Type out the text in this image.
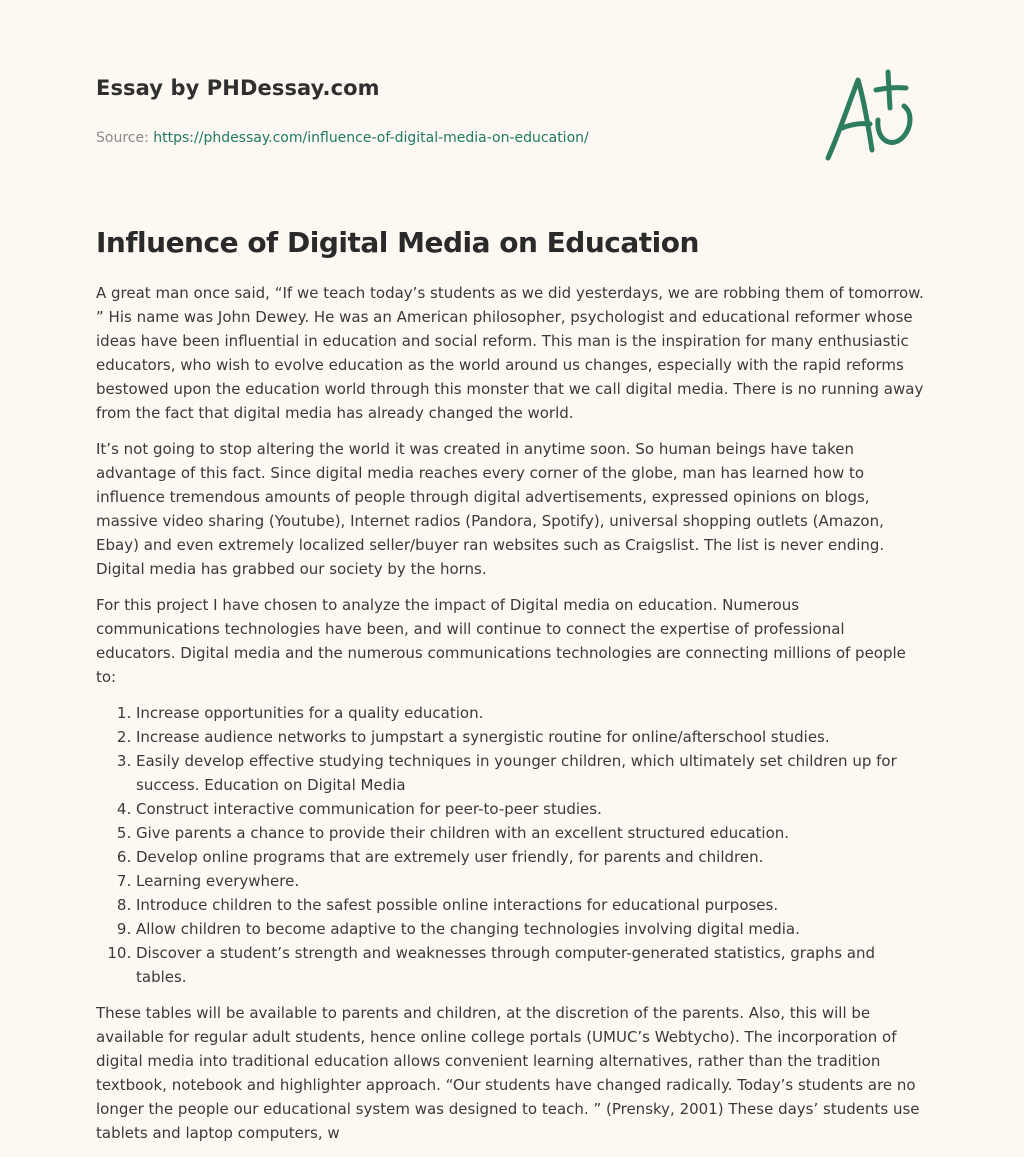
Essay by PHDessay.com
Source: https://phdessay.com/influence-of-digital-media-on-education/
Influence of Digital Media on Education

A great man once said, “If we teach today’s students as we did yesterdays, we are robbing them of tomorrow. ” His name was John Dewey. He was an American philosopher, psychologist and educational reformer whose ideas have been influential in education and social reform. This man is the inspiration for many enthusiastic educators, who wish to evolve education as the world around us changes, especially with the rapid reforms bestowed upon the education world through this monster that we call digital media. There is no running away from the fact that digital media has already changed the world.

It’s not going to stop altering the world it was created in anytime soon. So human beings have taken advantage of this fact. Since digital media reaches every corner of the globe, man has learned how to influence tremendous amounts of people through digital advertisements, expressed opinions on blogs, massive video sharing (Youtube), Internet radios (Pandora, Spotify), universal shopping outlets (Amazon, Ebay) and even extremely localized seller/buyer ran websites such as Craigslist. The list is never ending. Digital media has grabbed our society by the horns.

For this project I have chosen to analyze the impact of Digital media on education. Numerous communications technologies have been, and will continue to connect the expertise of professional educators. Digital media and the numerous communications technologies are connecting millions of people to:

1. Increase opportunities for a quality education.
2. Increase audience networks to jumpstart a synergistic routine for online/afterschool studies.
3. Easily develop effective studying techniques in younger children, which ultimately set children up for success. Education on Digital Media
4. Construct interactive communication for peer-to-peer studies.
5. Give parents a chance to provide their children with an excellent structured education.
6. Develop online programs that are extremely user friendly, for parents and children.
7. Learning everywhere.
8. Introduce children to the safest possible online interactions for educational purposes.
9. Allow children to become adaptive to the changing technologies involving digital media.
10. Discover a student’s strength and weaknesses through computer-generated statistics, graphs and tables.

These tables will be available to parents and children, at the discretion of the parents. Also, this will be available for regular adult students, hence online college portals (UMUC’s Webtycho). The incorporation of digital media into traditional education allows convenient learning alternatives, rather than the tradition textbook, notebook and highlighter approach. “Our students have changed radically. Today’s students are no longer the people our educational system was designed to teach. ” (Prensky, 2001) These days’ students use tablets and laptop computers, w
